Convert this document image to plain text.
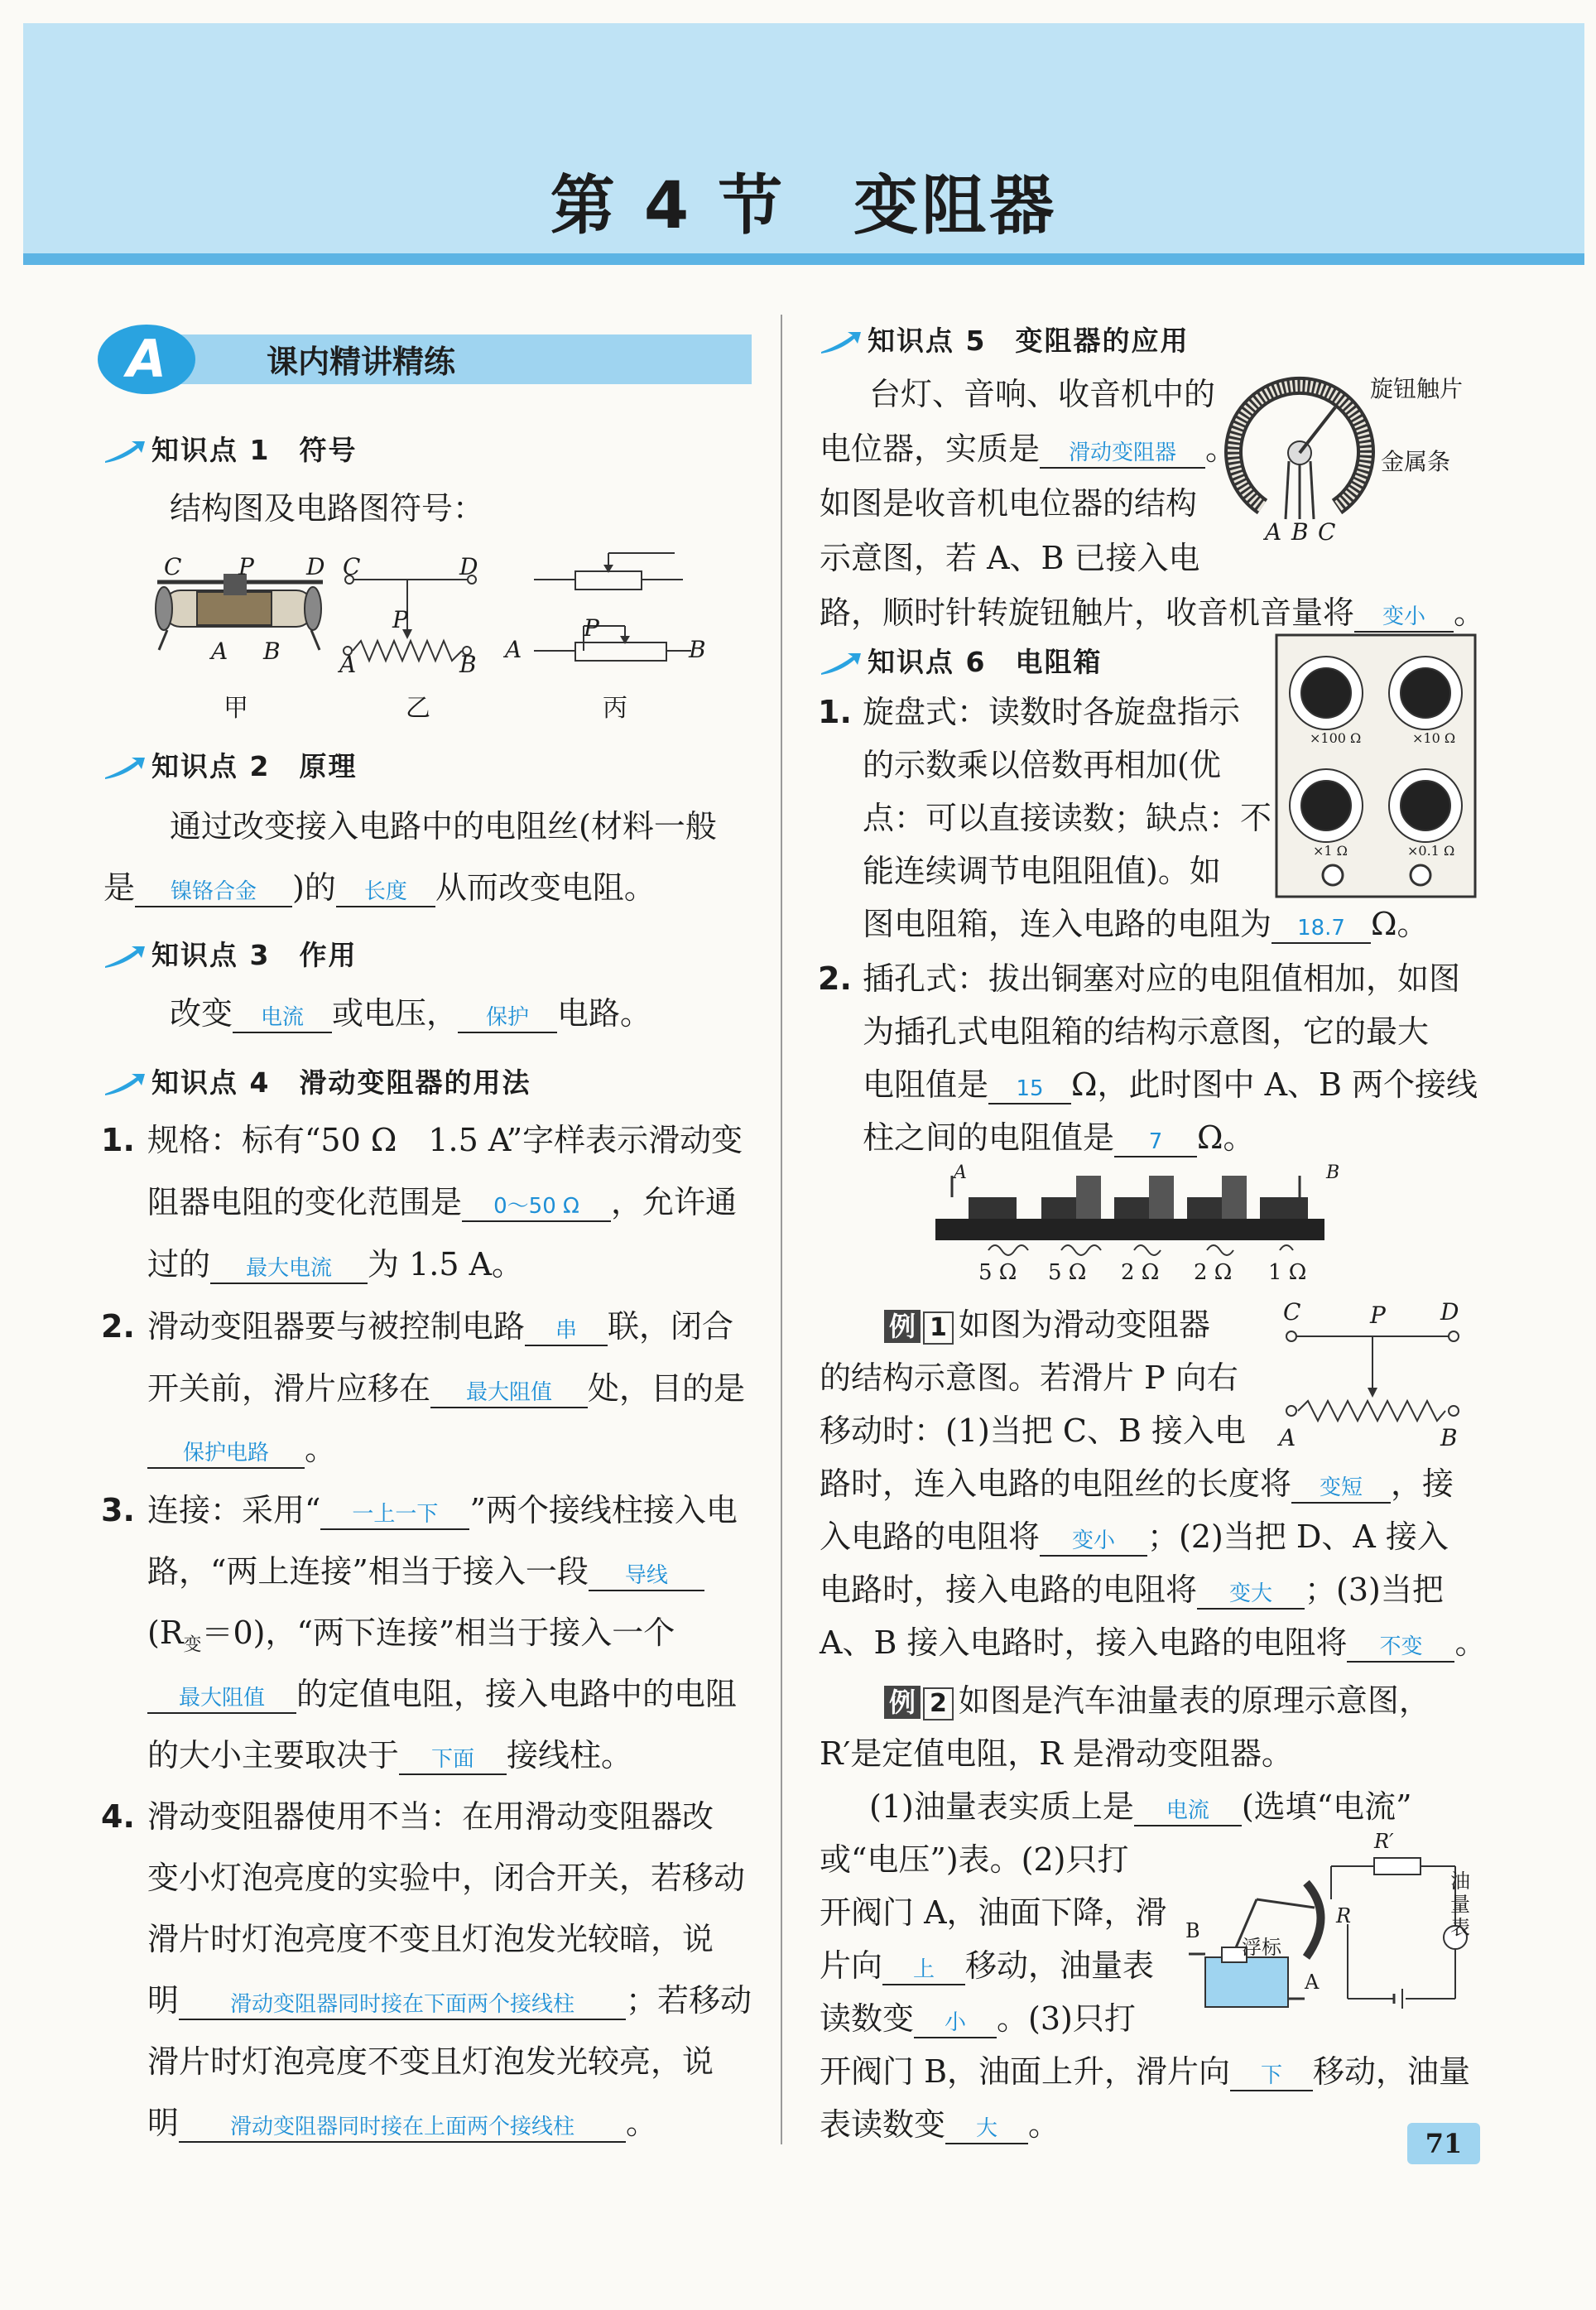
第 4 节　变阻器
A	课内精讲精练
知识点 1　符号
结构图及电路图符号：
C P D
A B
甲
C	D
P
A	B
乙
A
P
B
丙
知识点 2　原理
通过改变接入电路中的电阻丝(材料一般
是 镍铬合金 )的 长度 从而改变电阻。
知识点 3　作用
改变 电流 或电压， 保护 电路。
知识点 4　滑动变阻器的用法
1. 规格：标有“50 Ω　1.5 A”字样表示滑动变
阻器电阻的变化范围是 0～50 Ω ，允许通
过的 最大电流 为 1.5 A。
2. 滑动变阻器要与被控制电路 串 联，闭合
开关前，滑片应移在 最大阻值 处，目的是
保护电路 。
3. 连接：采用“ 一上一下 ”两个接线柱接入电
路，“两上连接”相当于接入一段 导线
$(R_变=0)$，“两下连接”相当于接入一个
最大阻值 的定值电阻，接入电路中的电阻
的大小主要取决于 下面 接线柱。
4. 滑动变阻器使用不当：在用滑动变阻器改
变小灯泡亮度的实验中，闭合开关，若移动
滑片时灯泡亮度不变且灯泡发光较暗，说
明 滑动变阻器同时接在下面两个接线柱 ；若移动
滑片时灯泡亮度不变且灯泡发光较亮，说
明 滑动变阻器同时接在上面两个接线柱 。
知识点 5　变阻器的应用
台灯、音响、收音机中的
电位器，实质是 滑动变阻器 。
如图是收音机电位器的结构
示意图，若 A、B 已接入电
路，顺时针转旋钮触片，收音机音量将 变小 。
A B C
旋钮触片
金属条
知识点 6　电阻箱
1. 旋盘式：读数时各旋盘指示
的示数乘以倍数再相加(优
点：可以直接读数；缺点：不
能连续调节电阻阻值)。如
图电阻箱，连入电路的电阻为 18.7 Ω。
×100 Ω	×10 Ω
×1 Ω	×0.1 Ω
2. 插孔式：拔出铜塞对应的电阻值相加，如图
为插孔式电阻箱的结构示意图，它的最大
电阻值是 15 Ω，此时图中 A、B 两个接线
柱之间的电阻值是 7 Ω。
A	B
5 Ω 5 Ω 2 Ω 2 Ω 1 Ω
例 1 如图为滑动变阻器
的结构示意图。若滑片 P 向右
移动时：(1)当把 C、B 接入电
路时，连入电路的电阻丝的长度将 变短 ，接
入电路的电阻将 变小 ；(2)当把 D、A 接入
电路时，接入电路的电阻将 变大 ；(3)当把
A、B 接入电路时，接入电路的电阻将 不变 。
C	P D
A	B
例 2 如图是汽车油量表的原理示意图，
R′是定值电阻，R 是滑动变阻器。
(1)油量表实质上是 电流 (选填“电流”
或“电压”)表。(2)只打
开阀门 A，油面下降，滑
片向 上 移动，油量表
读数变 小 。(3)只打
开阀门 B，油面上升，滑片向 下 移动，油量
表读数变 大 。
R′
R
浮标
油量表
B
A
71
